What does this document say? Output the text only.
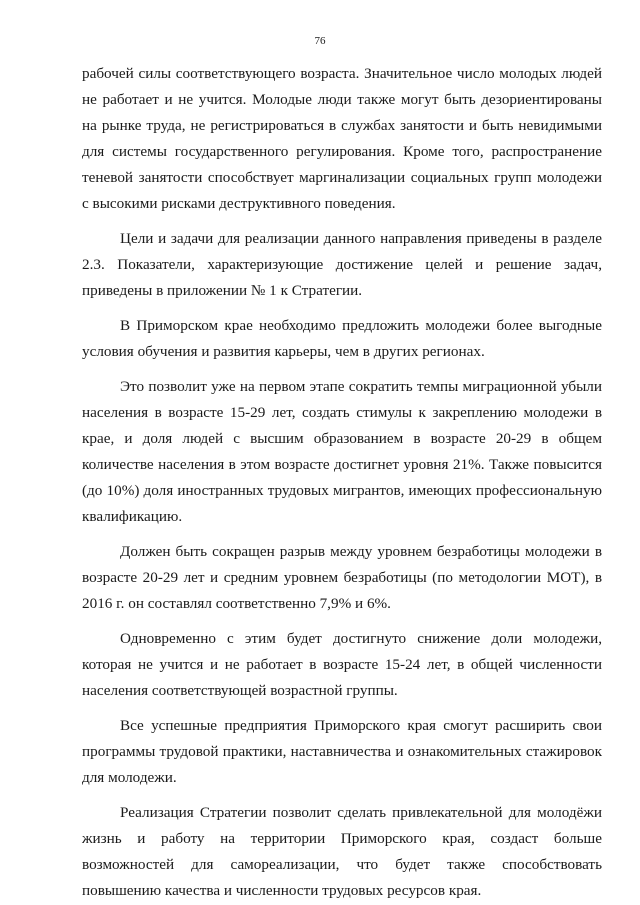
76

рабочей силы соответствующего возраста. Значительное число молодых людей не работает и не учится. Молодые люди также могут быть дезориентированы на рынке труда, не регистрироваться в службах занятости и быть невидимыми для системы государственного регулирования. Кроме того, распространение теневой занятости способствует маргинализации социальных групп молодежи с высокими рисками деструктивного поведения.

Цели и задачи для реализации данного направления приведены в разделе 2.3. Показатели, характеризующие достижение целей и решение задач, приведены в приложении № 1 к Стратегии.

В Приморском крае необходимо предложить молодежи более выгодные условия обучения и развития карьеры, чем в других регионах.

Это позволит уже на первом этапе сократить темпы миграционной убыли населения в возрасте 15-29 лет, создать стимулы к закреплению молодежи в крае, и доля людей с высшим образованием в возрасте 20-29 в общем количестве населения в этом возрасте достигнет уровня 21%. Также повысится (до 10%) доля иностранных трудовых мигрантов, имеющих профессиональную квалификацию.

Должен быть сокращен разрыв между уровнем безработицы молодежи в возрасте 20-29 лет и средним уровнем безработицы (по методологии МОТ), в 2016 г. он составлял соответственно 7,9% и 6%.

Одновременно с этим будет достигнуто снижение доли молодежи, которая не учится и не работает в возрасте 15-24 лет, в общей численности населения соответствующей возрастной группы.

Все успешные предприятия Приморского края смогут расширить свои программы трудовой практики, наставничества и ознакомительных стажировок для молодежи.

Реализация Стратегии позволит сделать привлекательной для молодёжи жизнь и работу на территории Приморского края, создаст больше возможностей для самореализации, что будет также способствовать повышению качества и численности трудовых ресурсов края.
